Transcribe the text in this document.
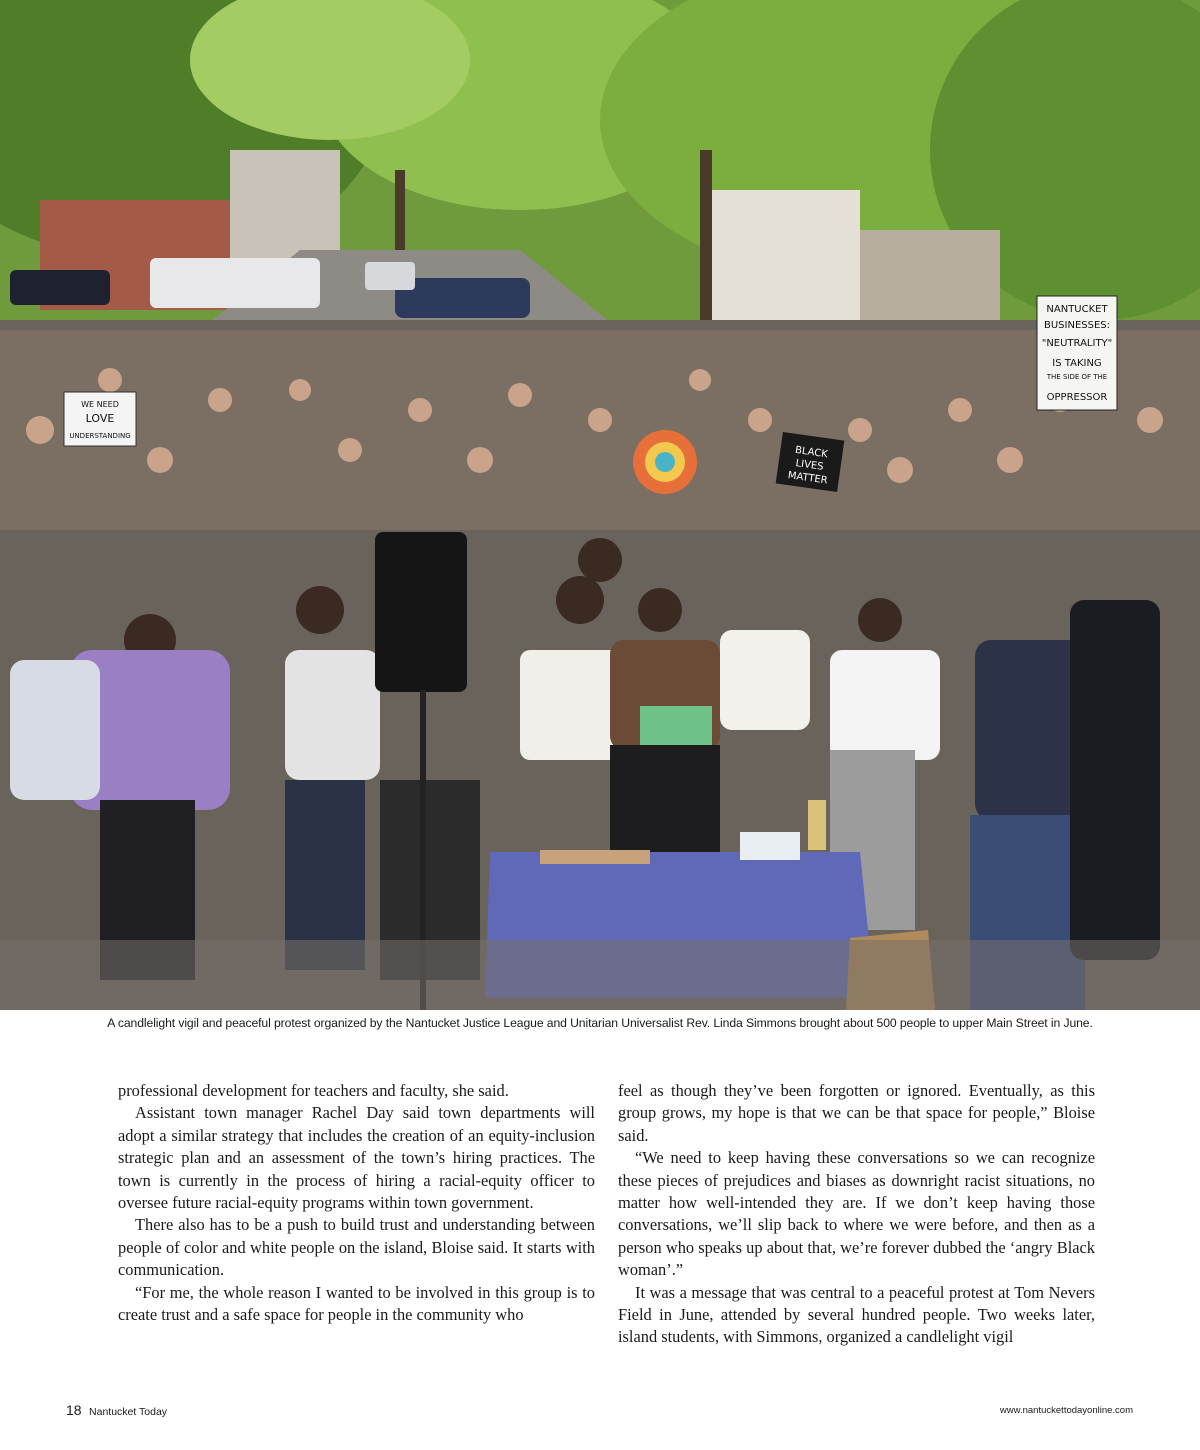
WE NEED
LOVE
UNDERSTANDING
NANTUCKET
BUSINESSES:
"NEUTRALITY"
IS TAKING
THE SIDE OF THE
OPPRESSOR
BLACK
LIVES
MATTER
A candlelight vigil and peaceful protest organized by the Nantucket Justice League and Unitarian Universalist Rev. Linda Simmons brought about 500 people to upper Main Street in June.

professional development for teachers and faculty, she said.

Assistant town manager Rachel Day said town departments will adopt a similar strategy that includes the creation of an equity-inclusion strategic plan and an assessment of the town’s hiring practices. The town is currently in the process of hiring a racial-equity officer to oversee future racial-equity programs within town government.

There also has to be a push to build trust and understanding between people of color and white people on the island, Bloise said. It starts with communication.

“For me, the whole reason I wanted to be involved in this group is to create trust and a safe space for people in the community who

feel as though they’ve been forgotten or ignored. Eventually, as this group grows, my hope is that we can be that space for people,” Bloise said.

“We need to keep having these conversations so we can recognize these pieces of prejudices and biases as downright racist situations, no matter how well-intended they are. If we don’t keep having those conversations, we’ll slip back to where we were before, and then as a person who speaks up about that, we’re forever dubbed the ‘angry Black woman’.”

It was a message that was central to a peaceful protest at Tom Nevers Field in June, attended by several hundred people. Two weeks later, island students, with Simmons, organized a candlelight vigil

18 Nantucket Today	www.nantuckettodayonline.com
